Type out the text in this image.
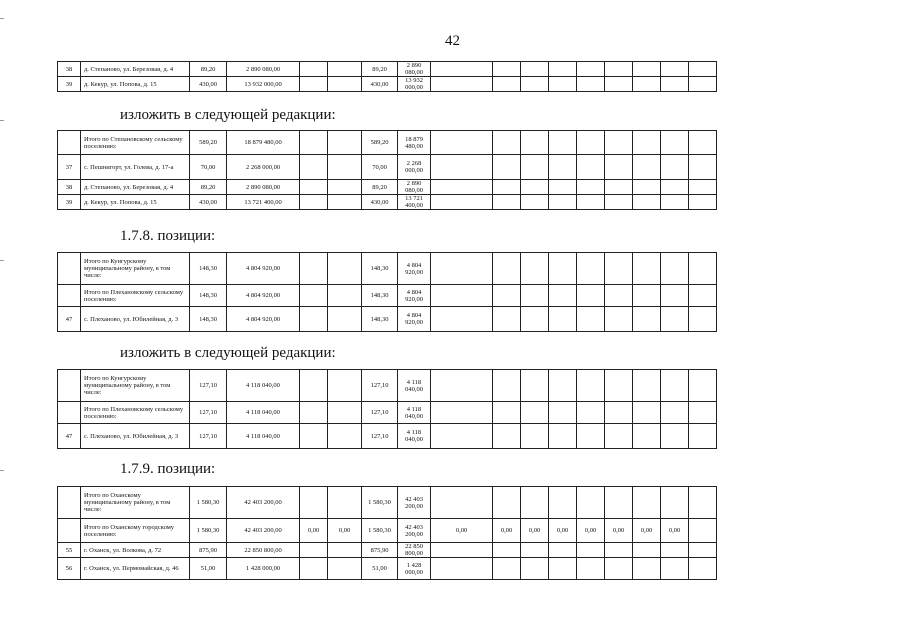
42
38	д. Степаново, ул. Березовая, д. 4	89,20	2 890 080,00			89,20	2 890 080,00									
39	д. Кекур, ул. Попова, д. 15	430,00	13 932 000,00			430,00	13 932 000,00									
изложить в следующей редакции:
	Итого по Степановскому сельскому поселению:	589,20	18 879 480,00			589,20	18 879 480,00									
37	с. Пешнигорт, ул. Голева, д. 17-а	70,00	2 268 000,00			70,00	2 268 000,00									
38	д. Степаново, ул. Березовая, д. 4	89,20	2 890 080,00			89,20	2 890 080,00									
39	д. Кекур, ул. Попова, д. 15	430,00	13 721 400,00			430,00	13 721 400,00									
1.7.8. позиции:
	Итого по Кунгурскому муниципальному району, в том числе:	148,30	4 804 920,00			148,30	4 804 920,00									
	Итого по Плехановскому сельскому поселению:	148,30	4 804 920,00			148,30	4 804 920,00									
47	с. Плеханово, ул. Юбилейная, д. 3	148,30	4 804 920,00			148,30	4 804 920,00									
изложить в следующей редакции:
	Итого по Кунгурскому муниципальному району, в том числе:	127,10	4 118 040,00			127,10	4 118 040,00									
	Итого по Плехановскому сельскому поселению:	127,10	4 118 040,00			127,10	4 118 040,00									
47	с. Плеханово, ул. Юбилейная, д. 3	127,10	4 118 040,00			127,10	4 118 040,00									
1.7.9. позиции:
	Итого по Оханскому муниципальному району, в том числе:	1 580,30	42 403 200,00			1 580,30	42 403 200,00									
	Итого по Оханскому городскому поселению:	1 580,30	42 403 200,00	0,00	0,00	1 580,30	42 403 200,00	0,00	0,00	0,00	0,00	0,00	0,00	0,00	0,00	
55	г. Оханск, ул. Волкова, д. 72	875,90	22 850 800,00			875,90	22 850 800,00									
56	г. Оханск, ул. Пермомайская, д. 46	51,00	1 428 000,00			51,00	1 428 000,00									
